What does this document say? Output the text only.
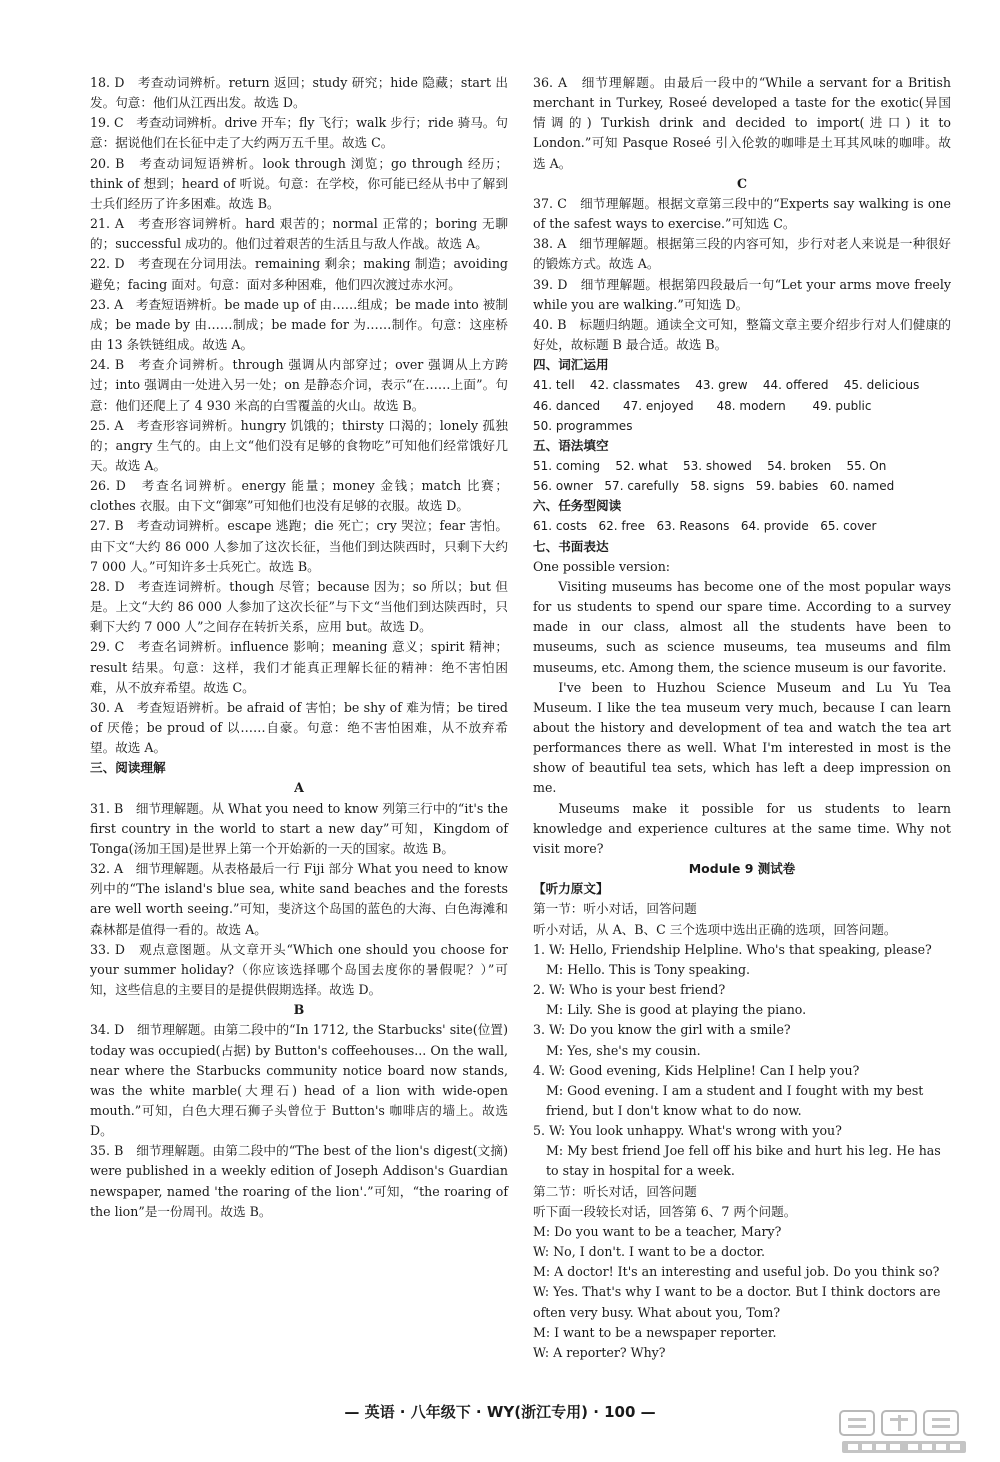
18. D　考查动词辨析。return 返回；study 研究；hide 隐藏；start 出发。句意：他们从江西出发。故选 D。
19. C　考查动词辨析。drive 开车；fly 飞行；walk 步行；ride 骑马。句意：据说他们在长征中走了大约两万五千里。故选 C。
20. B　考查动词短语辨析。look through 浏览；go through 经历；think of 想到；heard of 听说。句意：在学校，你可能已经从书中了解到士兵们经历了许多困难。故选 B。
21. A　考查形容词辨析。hard 艰苦的；normal 正常的；boring 无聊的；successful 成功的。他们过着艰苦的生活且与敌人作战。故选 A。
22. D　考查现在分词用法。remaining 剩余；making 制造；avoiding 避免；facing 面对。句意：面对多种困难，他们四次渡过赤水河。
23. A　考查短语辨析。be made up of 由……组成；be made into 被制成；be made by 由……制成；be made for 为……制作。句意：这座桥由 13 条铁链组成。故选 A。
24. B　考查介词辨析。through 强调从内部穿过；over 强调从上方跨过；into 强调由一处进入另一处；on 是静态介词，表示“在……上面”。句意：他们还爬上了 4 930 米高的白雪覆盖的火山。故选 B。
25. A　考查形容词辨析。hungry 饥饿的；thirsty 口渴的；lonely 孤独的；angry 生气的。由上文“他们没有足够的食物吃”可知他们经常饿好几天。故选 A。
26. D　考查名词辨析。energy 能量；money 金钱；match 比赛；clothes 衣服。由下文“御寒”可知他们也没有足够的衣服。故选 D。
27. B　考查动词辨析。escape 逃跑；die 死亡；cry 哭泣；fear 害怕。由下文“大约 86 000 人参加了这次长征，当他们到达陕西时，只剩下大约 7 000 人。”可知许多士兵死亡。故选 B。
28. D　考查连词辨析。though 尽管；because 因为；so 所以；but 但是。上文“大约 86 000 人参加了这次长征”与下文“当他们到达陕西时，只剩下大约 7 000 人”之间存在转折关系，应用 but。故选 D。
29. C　考查名词辨析。influence 影响；meaning 意义；spirit 精神；result 结果。句意：这样，我们才能真正理解长征的精神：绝不害怕困难，从不放弃希望。故选 C。
30. A　考查短语辨析。be afraid of 害怕；be shy of 难为情；be tired of 厌倦；be proud of 以……自豪。句意：绝不害怕困难，从不放弃希望。故选 A。
三、阅读理解
A
31. B　细节理解题。从 What you need to know 列第三行中的“it's the first country in the world to start a new day”可知，Kingdom of Tonga(汤加王国)是世界上第一个开始新的一天的国家。故选 B。
32. A　细节理解题。从表格最后一行 Fiji 部分 What you need to know 列中的“The island's blue sea, white sand beaches and the forests are well worth seeing.”可知，斐济这个岛国的蓝色的大海、白色海滩和森林都是值得一看的。故选 A。
33. D　观点意图题。从文章开头“Which one should you choose for your summer holiday?（你应该选择哪个岛国去度你的暑假呢？）”可知，这些信息的主要目的是提供假期选择。故选 D。
B
34. D　细节理解题。由第二段中的“In 1712, the Starbucks' site(位置) today was occupied(占据) by Button's coffeehouses... On the wall, near where the Starbucks community notice board now stands, was the white marble(大理石) head of a lion with wide-open mouth.”可知，白色大理石狮子头曾位于 Button's 咖啡店的墙上。故选 D。
35. B　细节理解题。由第二段中的“The best of the lion's digest(文摘) were published in a weekly edition of Joseph Addison's Guardian newspaper, named 'the roaring of the lion'.”可知，“the roaring of the lion”是一份周刊。故选 B。
36. A　细节理解题。由最后一段中的“While a servant for a British merchant in Turkey, Roseé developed a taste for the exotic(异国情调的) Turkish drink and decided to import(进口) it to London.”可知 Pasque Roseé 引入伦敦的咖啡是土耳其风味的咖啡。故选 A。
C
37. C　细节理解题。根据文章第三段中的“Experts say walking is one of the safest ways to exercise.”可知选 C。
38. A　细节理解题。根据第三段的内容可知，步行对老人来说是一种很好的锻炼方式。故选 A。
39. D　细节理解题。根据第四段最后一句“Let your arms move freely while you are walking.”可知选 D。
40. B　标题归纳题。通读全文可知，整篇文章主要介绍步行对人们健康的好处，故标题 B 最合适。故选 B。
四、词汇运用
41. tell    42. classmates    43. grew    44. offered    45. delicious
46. danced      47. enjoyed      48. modern       49. public
50. programmes
五、语法填空
51. coming    52. what    53. showed    54. broken    55. On
56. owner   57. carefully   58. signs   59. babies   60. named
六、任务型阅读
61. costs   62. free   63. Reasons   64. provide   65. cover
七、书面表达
One possible version:
Visiting museums has become one of the most popular ways for us students to spend our spare time. According to a survey made in our class, almost all the students have been to museums, such as science museums, tea museums and film museums, etc. Among them, the science museum is our favorite.
I've been to Huzhou Science Museum and Lu Yu Tea Museum. I like the tea museum very much, because I can learn about the history and development of tea and watch the tea art performances there as well. What I'm interested in most is the show of beautiful tea sets, which has left a deep impression on me.
Museums make it possible for us students to learn knowledge and experience cultures at the same time. Why not visit more?
Module 9 测试卷
【听力原文】
第一节：听小对话，回答问题
听小对话，从 A、B、C 三个选项中选出正确的选项，回答问题。
1. W: Hello, Friendship Helpline. Who's that speaking, please?
M: Hello. This is Tony speaking.
2. W: Who is your best friend?
M: Lily. She is good at playing the piano.
3. W: Do you know the girl with a smile?
M: Yes, she's my cousin.
4. W: Good evening, Kids Helpline! Can I help you?
M: Good evening. I am a student and I fought with my best friend, but I don't know what to do now.
5. W: You look unhappy. What's wrong with you?
M: My best friend Joe fell off his bike and hurt his leg. He has to stay in hospital for a week.
第二节：听长对话，回答问题
听下面一段较长对话，回答第 6、7 两个问题。
M: Do you want to be a teacher, Mary?
W: No, I don't. I want to be a doctor.
M: A doctor! It's an interesting and useful job. Do you think so?
W: Yes. That's why I want to be a doctor. But I think doctors are often very busy. What about you, Tom?
M: I want to be a newspaper reporter.
W: A reporter? Why?
— 英语 · 八年级下 · WY(浙江专用) · 100 —
